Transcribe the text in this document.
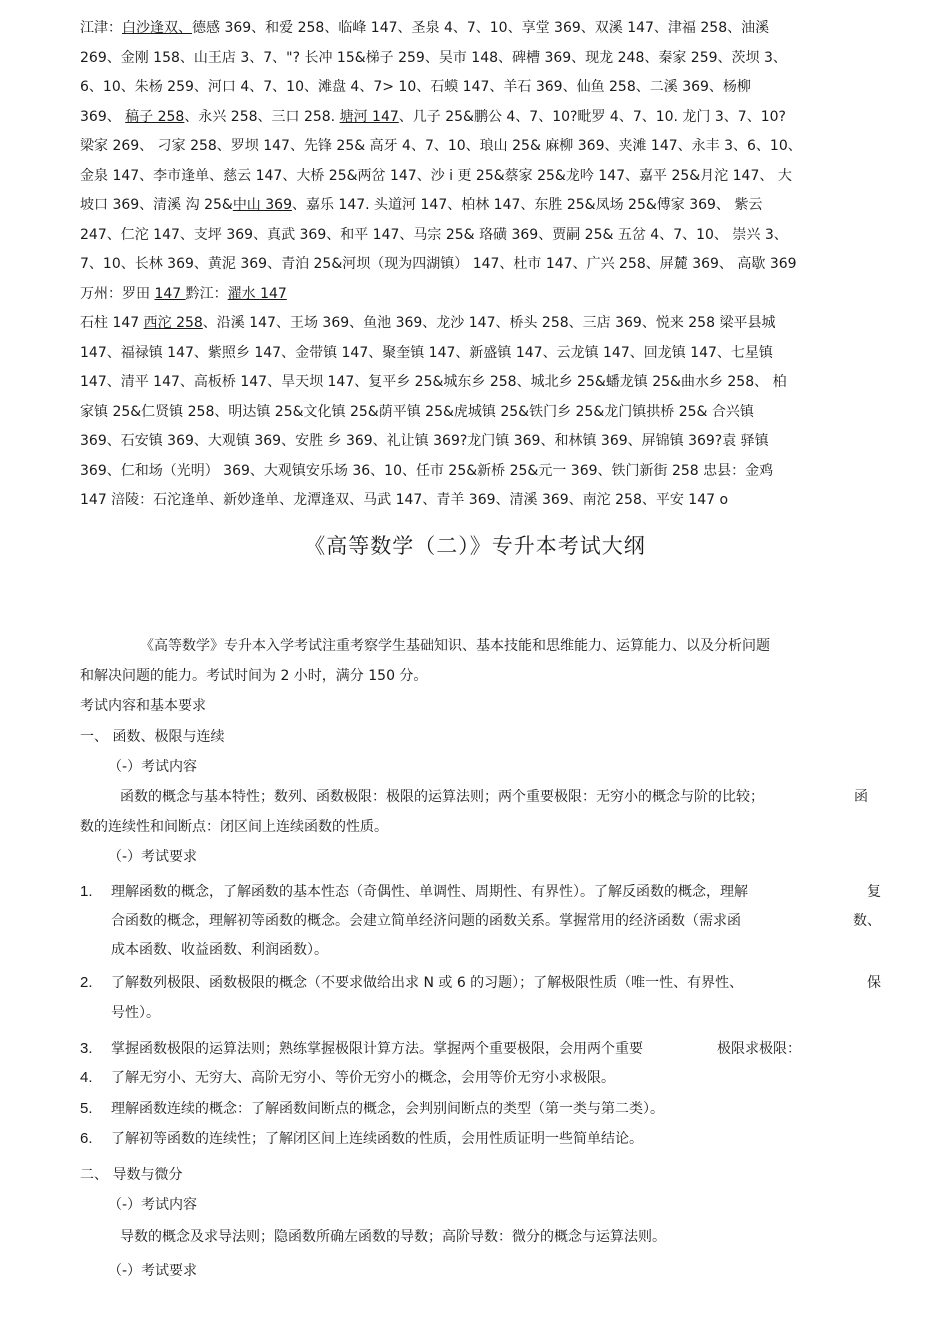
江津：白沙逢双、德感 369、和爱 258、临峰 147、圣泉 4、7、10、享堂 369、双溪 147、津福 258、油溪
269、金刚 158、山王店 3、7、"? 长冲 15&梯子 259、吴市 148、碑槽 369、现龙 248、秦家 259、茨坝 3、
6、10、朱杨 259、河口 4、7、10、滩盘 4、7> 10、石蟆 147、羊石 369、仙鱼 258、二溪 369、杨柳
369、 稿子 258、永兴 258、三口 258. 塘河 147、几子 25&鹏公 4、7、10?毗罗 4、7、10. 龙门 3、7、10?
梁家 269、 刁家 258、罗坝 147、先锋 25& 高牙 4、7、10、琅山 25& 麻柳 369、夹滩 147、永丰 3、6、10、
金泉 147、李市逢单、慈云 147、大桥 25&两岔 147、沙 i 更 25&蔡家 25&龙吟 147、嘉平 25&月沱 147、 大
坡口 369、清溪 沟 25&中山 369、嘉乐 147. 头道河 147、柏林 147、东胜 25&凤场 25&傅家 369、 紫云
247、仁沱 147、支坪 369、真武 369、和平 147、马宗 25& 珞磺 369、贾嗣 25& 五岔 4、7、10、 崇兴 3、
7、10、长林 369、黄泥 369、青泊 25&河坝（现为四湖镇） 147、杜市 147、广兴 258、屏麓 369、 高歇 369
万州：罗田 147 黔江：濯水 147
石柱 147 西沱 258、沿溪 147、王场 369、鱼池 369、龙沙 147、桥头 258、三店 369、悦来 258 梁平县城
147、福禄镇 147、紫照乡 147、金带镇 147、聚奎镇 147、新盛镇 147、云龙镇 147、回龙镇 147、七星镇
147、清平 147、高板桥 147、旱天坝 147、复平乡 25&城东乡 258、城北乡 25&蟠龙镇 25&曲水乡 258、 柏
家镇 25&仁贤镇 258、明达镇 25&文化镇 25&荫平镇 25&虎城镇 25&铁门乡 25&龙门镇拱桥 25& 合兴镇
369、石安镇 369、大观镇 369、安胜 乡 369、礼让镇 369?龙门镇 369、和林镇 369、屏锦镇 369?袁 驿镇
369、仁和场（光明） 369、大观镇安乐场 36、10、任市 25&新桥 25&元一 369、铁门新街 258 忠县：金鸡
147 涪陵：石沱逢单、新妙逢单、龙潭逢双、马武 147、青羊 369、清溪 369、南沱 258、平安 147 o
《高等数学（二）》专升本考试大纲
《高等数学》专升本入学考试注重考察学生基础知识、基本技能和思维能力、运算能力、以及分析问题
和解决问题的能力。考试时间为 2 小时，满分 150 分。
考试内容和基本要求
一、 函数、极限与连续
（-）考试内容
函数的概念与基本特性；数列、函数极限：极限的运算法则；两个重要极限：无穷小的概念与阶的比较；	函
数的连续性和间断点：闭区间上连续函数的性质。
（-）考试要求
1. 理解函数的概念，了解函数的基本性态（奇偶性、单调性、周期性、有界性）。了解反函数的概念，理解	复
合函数的概念，理解初等函数的概念。会建立简单经济问题的函数关系。掌握常用的经济函数（需求函	数、
成本函数、收益函数、利润函数）。
2. 了解数列极限、函数极限的概念（不要求做给出求 N 或 6 的习题）；了解极限性质（唯一性、有界性、	保
号性）。
3. 掌握函数极限的运算法则；熟练掌握极限计算方法。掌握两个重要极限，会用两个重要	极限求极限：
4. 了解无穷小、无穷大、高阶无穷小、等价无穷小的概念，会用等价无穷小求极限。
5. 理解函数连续的概念：了解函数间断点的概念，会判别间断点的类型（第一类与第二类）。
6. 了解初等函数的连续性；了解闭区间上连续函数的性质，会用性质证明一些简单结论。
二、 导数与微分
（-）考试内容
导数的概念及求导法则；隐函数所确左函数的导数；高阶导数：微分的概念与运算法则。
（-）考试要求
